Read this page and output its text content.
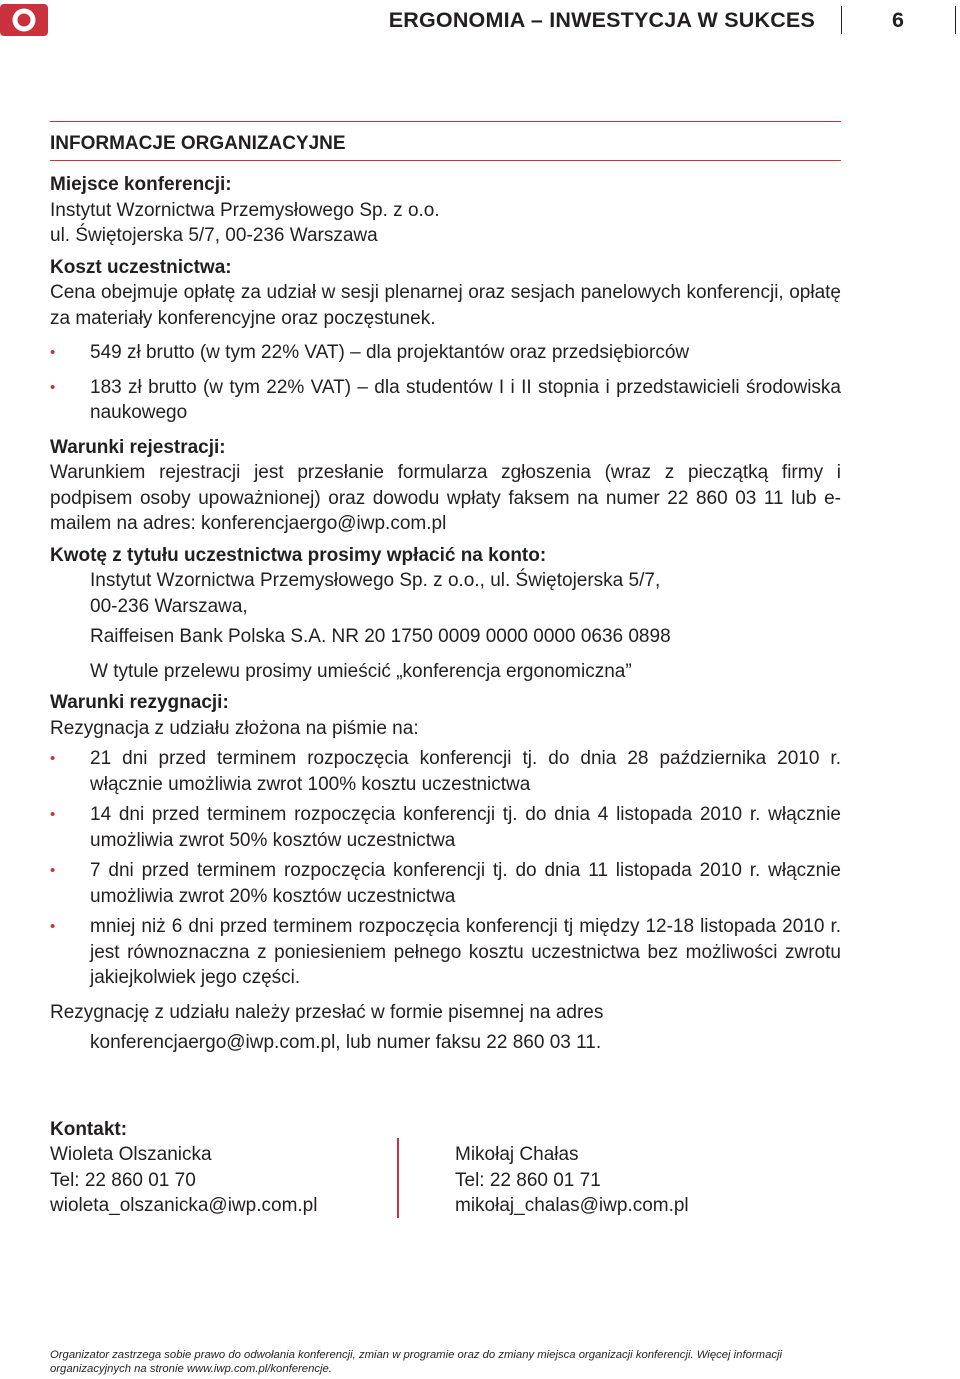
ERGONOMIA – INWESTYCJA W SUKCES	6
INFORMACJE ORGANIZACYJNE

Miejsce konferencji:

Instytut Wzornictwa Przemysłowego Sp. z o.o.

ul. Świętojerska 5/7, 00-236 Warszawa

Koszt uczestnictwa:

Cena obejmuje opłatę za udział w sesji plenarnej oraz sesjach panelowych konferencji, opłatę za materiały konferencyjne oraz poczęstunek.

• 549 zł brutto (w tym 22% VAT) – dla projektantów oraz przedsiębiorców
• 183 zł brutto (w tym 22% VAT) – dla studentów I i II stopnia i przedstawicieli środowiska naukowego

Warunki rejestracji:

Warunkiem rejestracji jest przesłanie formularza zgłoszenia (wraz z pieczątką firmy i podpisem osoby upoważnionej) oraz dowodu wpłaty faksem na numer 22 860 03 11 lub e-mailem na adres: konferencjaergo@iwp.com.pl

Kwotę z tytułu uczestnictwa prosimy wpłacić na konto:

Instytut Wzornictwa Przemysłowego Sp. z o.o., ul. Świętojerska 5/7,

00-236 Warszawa,

Raiffeisen Bank Polska S.A. NR 20 1750 0009 0000 0000 0636 0898

W tytule przelewu prosimy umieścić „konferencja ergonomiczna”

Warunki rezygnacji:

Rezygnacja z udziału złożona na piśmie na:

• 21 dni przed terminem rozpoczęcia konferencji tj. do dnia 28 października 2010 r. włącznie umożliwia zwrot 100% kosztu uczestnictwa
• 14 dni przed terminem rozpoczęcia konferencji tj. do dnia 4 listopada 2010 r. włącznie umożliwia zwrot 50% kosztów uczestnictwa
• 7 dni przed terminem rozpoczęcia konferencji tj. do dnia 11 listopada 2010 r. włącznie umożliwia zwrot 20% kosztów uczestnictwa
• mniej niż 6 dni przed terminem rozpoczęcia konferencji tj między 12-18 listopada 2010 r. jest równoznaczna z poniesieniem pełnego kosztu uczestnictwa bez możliwości zwrotu jakiejkolwiek jego części.

Rezygnację z udziału należy przesłać w formie pisemnej na adres

konferencjaergo@iwp.com.pl, lub numer faksu 22 860 03 11.

Kontakt:

Wioleta Olszanicka

Tel: 22 860 01 70

wioleta_olszanicka@iwp.com.pl

Mikołaj Chałas

Tel: 22 860 01 71

mikołaj_chalas@iwp.com.pl

Organizator zastrzega sobie prawo do odwołania konferencji, zmian w programie oraz do zmiany miejsca organizacji konferencji. Więcej informacji organizacyjnych na stronie www.iwp.com.pl/konferencje.
